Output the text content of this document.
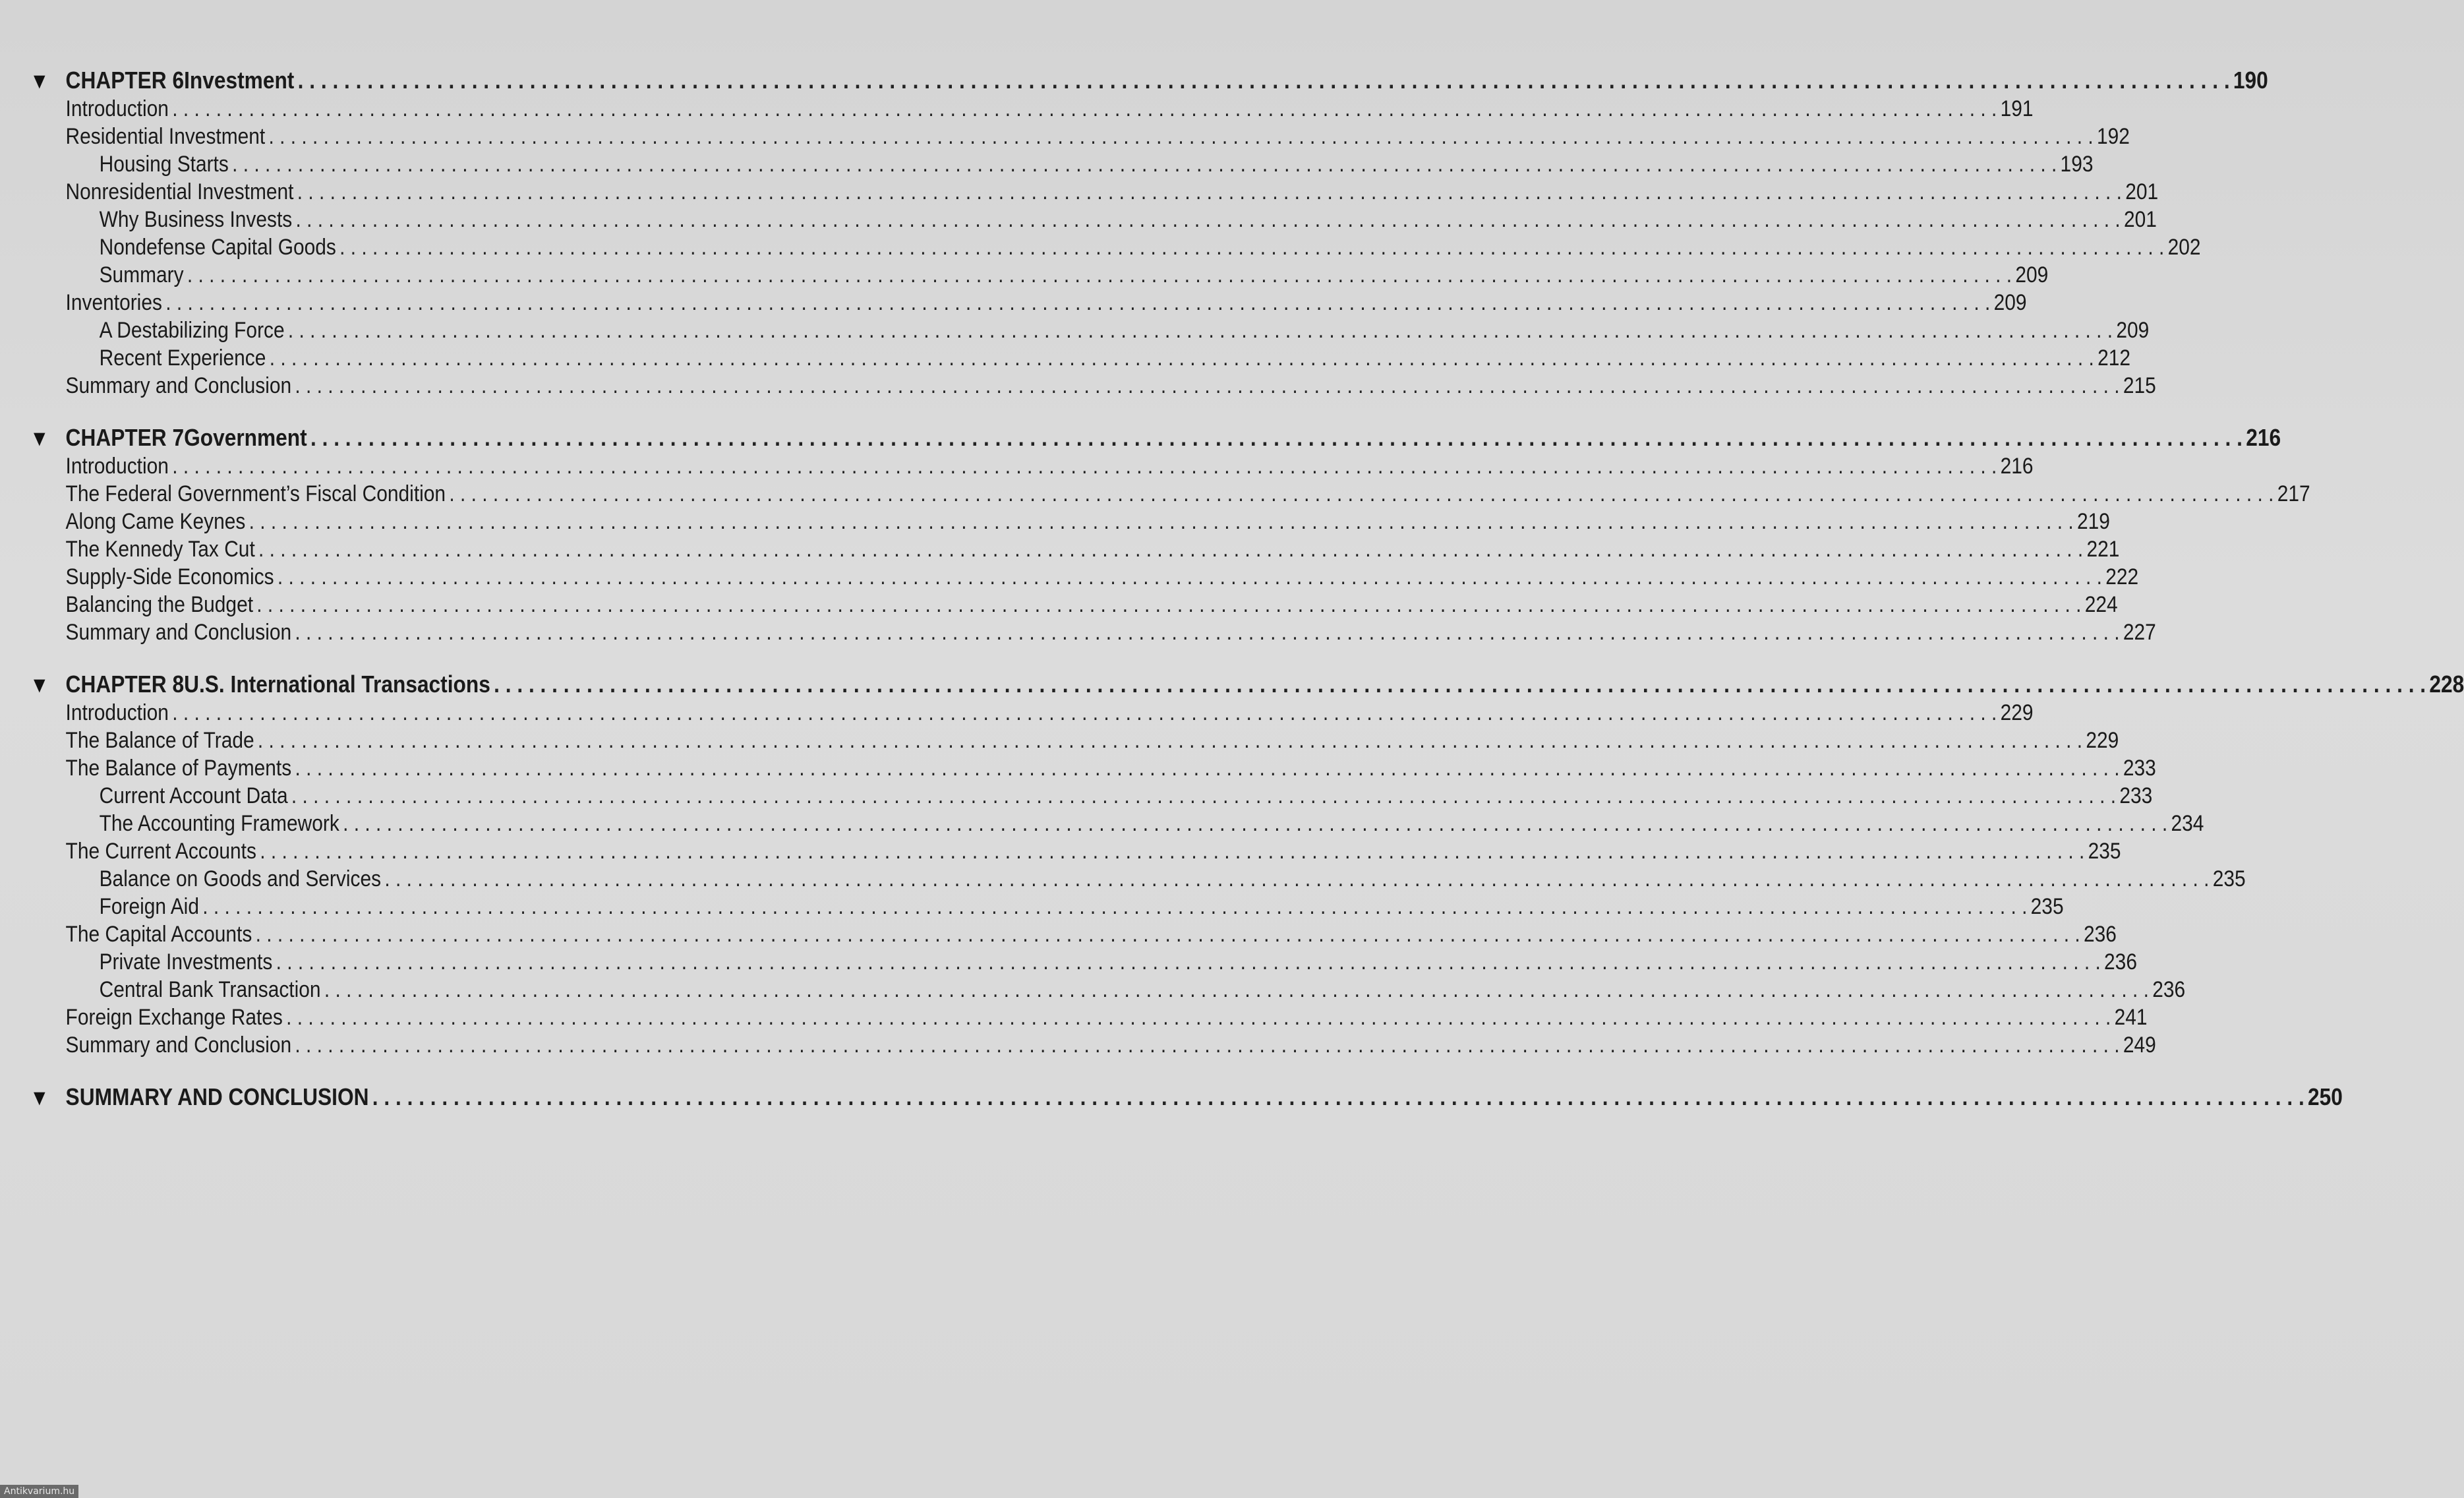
▼ CHAPTER 6 Investment . . .	190
Introduction . . .	191
Residential Investment . . .	192
Housing Starts . . .	193
Nonresidential Investment . . .	201
Why Business Invests . . .	201
Nondefense Capital Goods . . .	202
Summary . . .	209
Inventories . . .	209
A Destabilizing Force . . .	209
Recent Experience . . .	212
Summary and Conclusion . . .	215
▼ CHAPTER 7 Government . . .	216
Introduction . . .	216
The Federal Government’s Fiscal Condition . . .	217
Along Came Keynes . . .	219
The Kennedy Tax Cut . . .	221
Supply-Side Economics . . .	222
Balancing the Budget . . .	224
Summary and Conclusion . . .	227
▼ CHAPTER 8 U.S. International Transactions . . .	228
Introduction . . .	229
The Balance of Trade . . .	229
The Balance of Payments . . .	233
Current Account Data . . .	233
The Accounting Framework . . .	234
The Current Accounts . . .	235
Balance on Goods and Services . . .	235
Foreign Aid . . .	235
The Capital Accounts . . .	236
Private Investments . . .	236
Central Bank Transaction . . .	236
Foreign Exchange Rates . . .	241
Summary and Conclusion . . .	249
▼ SUMMARY AND CONCLUSION . . .	250
Antikvarium.hu
